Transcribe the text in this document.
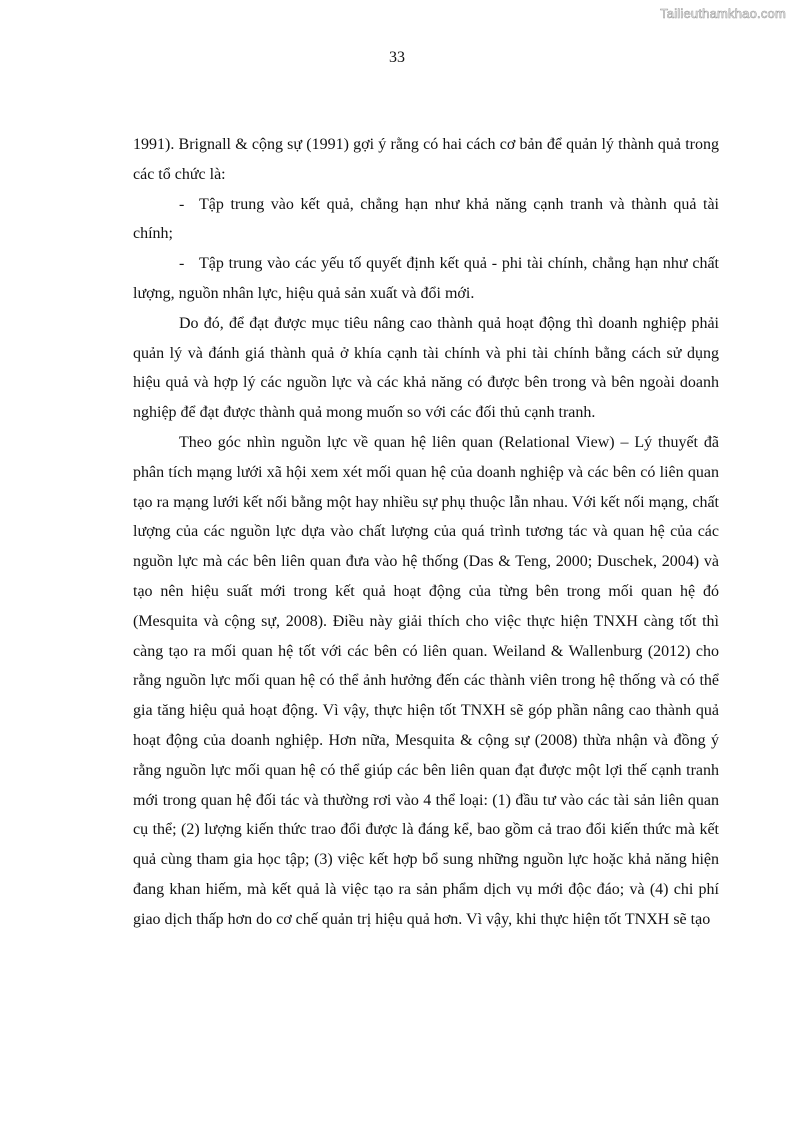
Tailieuthamkhao.com
33

1991). Brignall & cộng sự (1991) gợi ý rằng có hai cách cơ bản để quản lý thành quả trong các tổ chức là:

- Tập trung vào kết quả, chẳng hạn như khả năng cạnh tranh và thành quả tài chính;

- Tập trung vào các yếu tố quyết định kết quả - phi tài chính, chẳng hạn như chất lượng, nguồn nhân lực, hiệu quả sản xuất và đổi mới.

Do đó, để đạt được mục tiêu nâng cao thành quả hoạt động thì doanh nghiệp phải quản lý và đánh giá thành quả ở khía cạnh tài chính và phi tài chính bằng cách sử dụng hiệu quả và hợp lý các nguồn lực và các khả năng có được bên trong và bên ngoài doanh nghiệp để đạt được thành quả mong muốn so với các đối thủ cạnh tranh.

Theo góc nhìn nguồn lực về quan hệ liên quan (Relational View) – Lý thuyết đã phân tích mạng lưới xã hội xem xét mối quan hệ của doanh nghiệp và các bên có liên quan tạo ra mạng lưới kết nối bằng một hay nhiều sự phụ thuộc lẫn nhau. Với kết nối mạng, chất lượng của các nguồn lực dựa vào chất lượng của quá trình tương tác và quan hệ của các nguồn lực mà các bên liên quan đưa vào hệ thống (Das & Teng, 2000; Duschek, 2004) và tạo nên hiệu suất mới trong kết quả hoạt động của từng bên trong mối quan hệ đó (Mesquita và cộng sự, 2008). Điều này giải thích cho việc thực hiện TNXH càng tốt thì càng tạo ra mối quan hệ tốt với các bên có liên quan. Weiland & Wallenburg (2012) cho rằng nguồn lực mối quan hệ có thể ảnh hưởng đến các thành viên trong hệ thống và có thể gia tăng hiệu quả hoạt động. Vì vậy, thực hiện tốt TNXH sẽ góp phần nâng cao thành quả hoạt động của doanh nghiệp. Hơn nữa, Mesquita & cộng sự (2008) thừa nhận và đồng ý rằng nguồn lực mối quan hệ có thể giúp các bên liên quan đạt được một lợi thế cạnh tranh mới trong quan hệ đối tác và thường rơi vào 4 thể loại: (1) đầu tư vào các tài sản liên quan cụ thể; (2) lượng kiến thức trao đổi được là đáng kể, bao gồm cả trao đổi kiến thức mà kết quả cùng tham gia học tập; (3) việc kết hợp bổ sung những nguồn lực hoặc khả năng hiện đang khan hiếm, mà kết quả là việc tạo ra sản phẩm dịch vụ mới độc đáo; và (4) chi phí giao dịch thấp hơn do cơ chế quản trị hiệu quả hơn. Vì vậy, khi thực hiện tốt TNXH sẽ tạo
